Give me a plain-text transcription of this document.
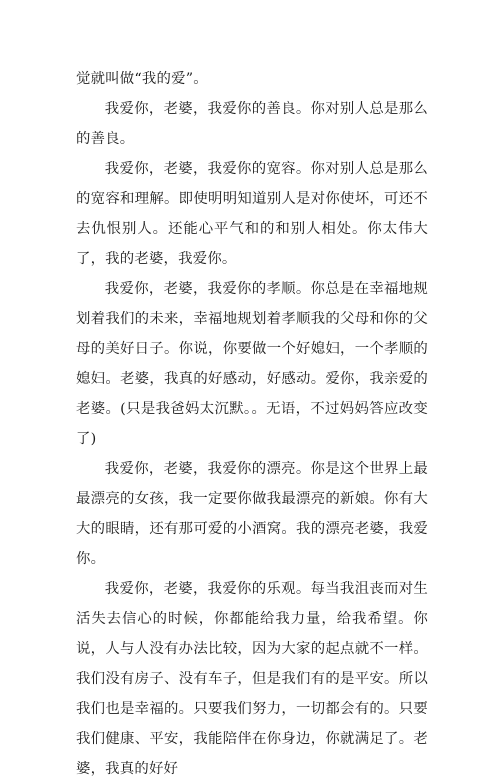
觉就叫做“我的爱”。

我爱你，老婆，我爱你的善良。你对别人总是那么的善良。

我爱你，老婆，我爱你的宽容。你对别人总是那么的宽容和理解。即使明明知道别人是对你使坏，可还不去仇恨别人。还能心平气和的和别人相处。你太伟大了，我的老婆，我爱你。

我爱你，老婆，我爱你的孝顺。你总是在幸福地规划着我们的未来，幸福地规划着孝顺我的父母和你的父母的美好日子。你说，你要做一个好媳妇，一个孝顺的媳妇。老婆，我真的好感动，好感动。爱你，我亲爱的老婆。(只是我爸妈太沉默。。无语，不过妈妈答应改变了)

我爱你，老婆，我爱你的漂亮。你是这个世界上最最漂亮的女孩，我一定要你做我最漂亮的新娘。你有大大的眼睛，还有那可爱的小酒窝。我的漂亮老婆，我爱你。

我爱你，老婆，我爱你的乐观。每当我沮丧而对生活失去信心的时候，你都能给我力量，给我希望。你说，人与人没有办法比较，因为大家的起点就不一样。我们没有房子、没有车子，但是我们有的是平安。所以我们也是幸福的。只要我们努力，一切都会有的。只要我们健康、平安，我能陪伴在你身边，你就满足了。老婆，我真的好好
